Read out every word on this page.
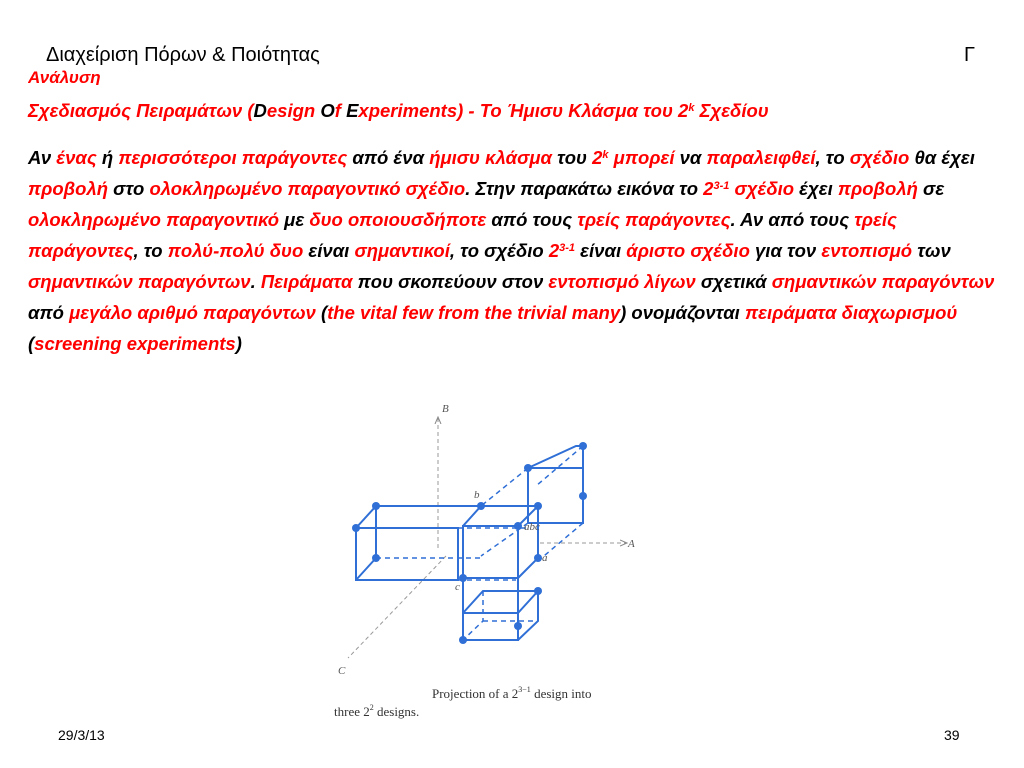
Διαχείριση Πόρων & Ποιότητας	Γ
Ανάλυση
Σχεδιασμός Πειραμάτων (Design Of Experiments) - Το Ήμισυ Κλάσμα του 2$^k$ Σχεδίου
Αν ένας ή περισσότεροι παράγοντες από ένα ήμισυ κλάσμα του 2$^k$ μπορεί να παραλειφθεί, το σχέδιο θα έχει προβολή στο ολοκληρωμένο παραγοντικό σχέδιο. Στην παρακάτω εικόνα το 2$^{3-1}$ σχέδιο έχει προβολή σε ολοκληρωμένο παραγοντικό με δυο οποιουσδήποτε από τους τρείς παράγοντες. Αν από τους τρείς παράγοντες, το πολύ-πολύ δυο είναι σημαντικοί, το σχέδιο 2$^{3-1}$ είναι άριστο σχέδιο για τον εντοπισμό των σημαντικών παραγόντων. Πειράματα που σκοπεύουν στον εντοπισμό λίγων σχετικά σημαντικών παραγόντων από μεγάλο αριθμό παραγόντων (the vital few from the trivial many) ονομάζονται πειράματα διαχωρισμού (screening experiments)
B
A
C
b
abc
a
c
Projection of a $2^{3-1}$ design into
three $2^2$ designs.
29/3/13	39
